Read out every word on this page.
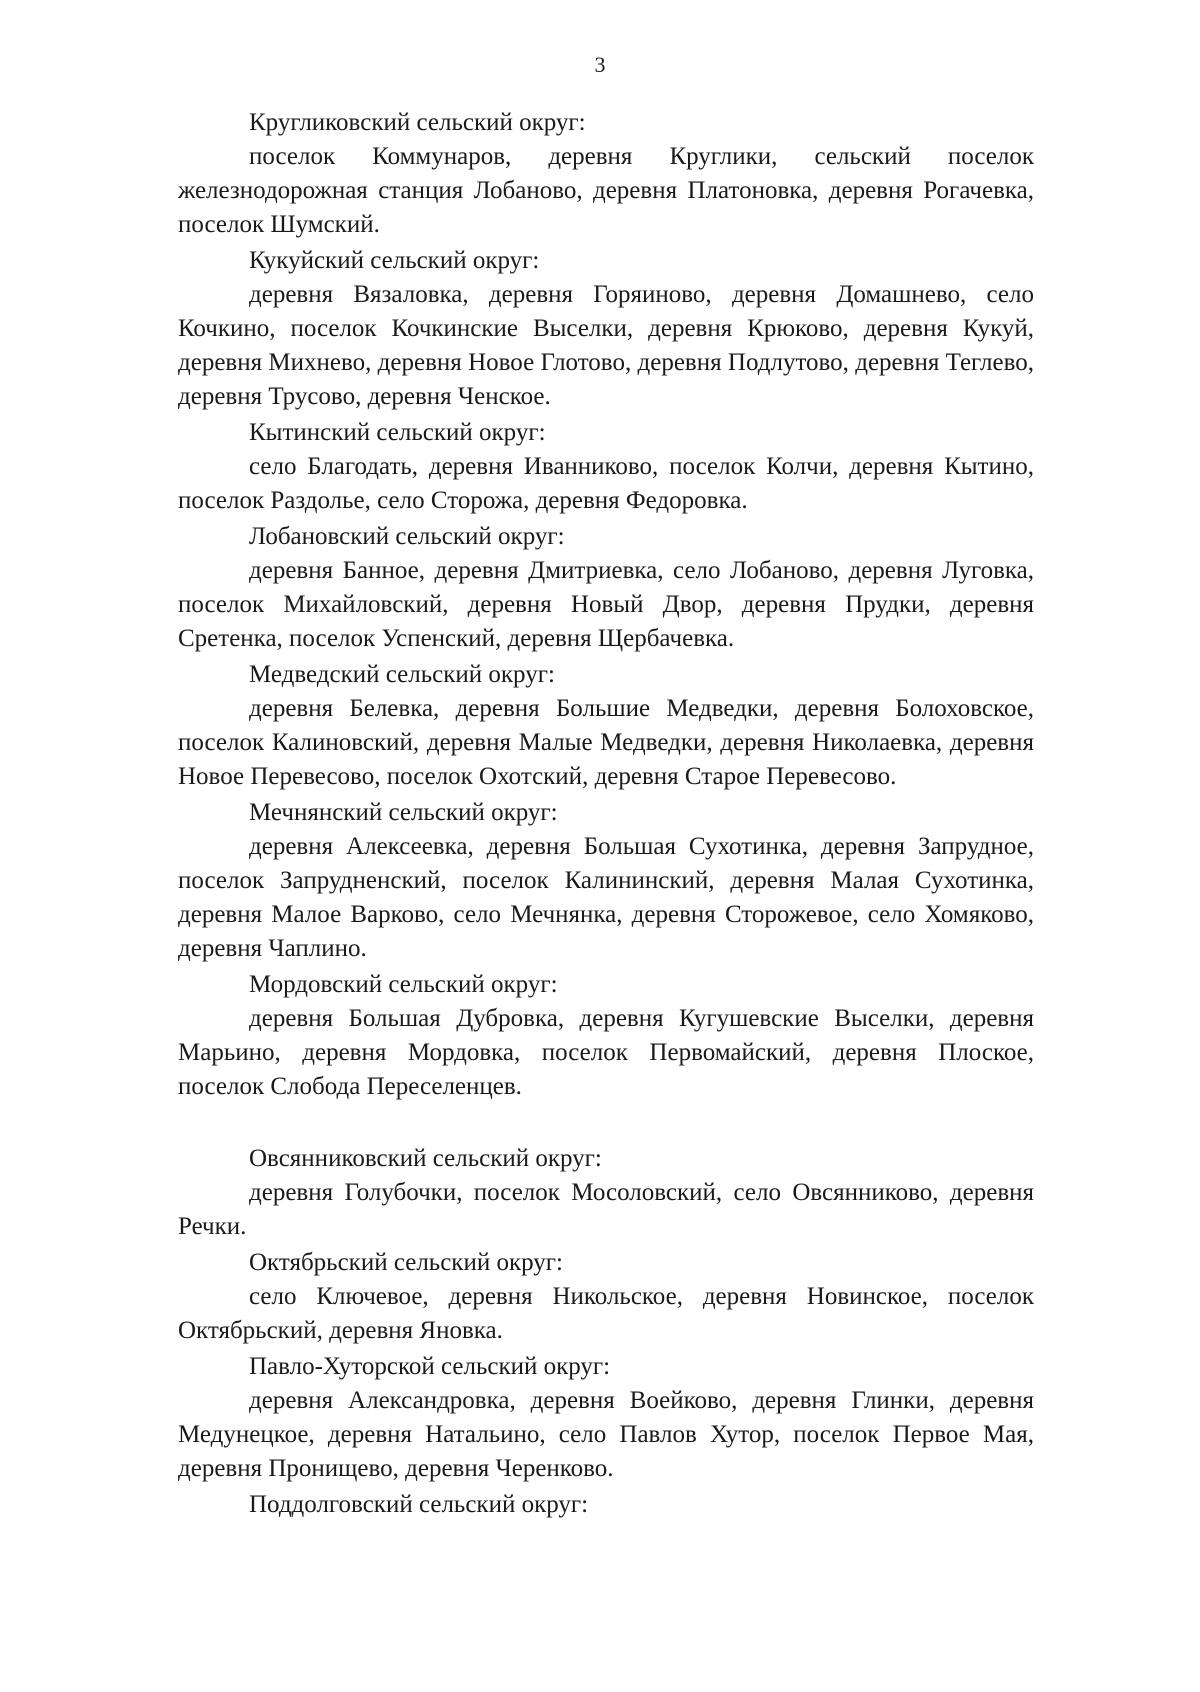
3

Кругликовский сельский округ:

поселок Коммунаров, деревня Круглики, сельский поселок железнодорожная станция Лобаново, деревня Платоновка, деревня Рогачевка, поселок Шумский.

Кукуйский сельский округ:

деревня Вязаловка, деревня Горяиново, деревня Домашнево, село Кочкино, поселок Кочкинские Выселки, деревня Крюково, деревня Кукуй, деревня Михнево, деревня Новое Глотово, деревня Подлутово, деревня Теглево, деревня Трусово, деревня Ченское.

Кытинский сельский округ:

село Благодать, деревня Иванниково, поселок Колчи, деревня Кытино, поселок Раздолье, село Сторожа, деревня Федоровка.

Лобановский сельский округ:

деревня Банное, деревня Дмитриевка, село Лобаново, деревня Луговка, поселок Михайловский, деревня Новый Двор, деревня Прудки, деревня Сретенка, поселок Успенский, деревня Щербачевка.

Медведский сельский округ:

деревня Белевка, деревня Большие Медведки, деревня Болоховское, поселок Калиновский, деревня Малые Медведки, деревня Николаевка, деревня Новое Перевесово, поселок Охотский, деревня Старое Перевесово.

Мечнянский сельский округ:

деревня Алексеевка, деревня Большая Сухотинка, деревня Запрудное, поселок Запрудненский, поселок Калининский, деревня Малая Сухотинка, деревня Малое Варково, село Мечнянка, деревня Сторожевое, село Хомяково, деревня Чаплино.

Мордовский сельский округ:

деревня Большая Дубровка, деревня Кугушевские Выселки, деревня Марьино, деревня Мордовка, поселок Первомайский, деревня Плоское, поселок Слобода Переселенцев.

Овсянниковский сельский округ:

деревня Голубочки, поселок Мосоловский, село Овсянниково, деревня Речки.

Октябрьский сельский округ:

село Ключевое, деревня Никольское, деревня Новинское, поселок Октябрьский, деревня Яновка.

Павло-Хуторской сельский округ:

деревня Александровка, деревня Воейково, деревня Глинки, деревня Медунецкое, деревня Натальино, село Павлов Хутор, поселок Первое Мая, деревня Пронищево, деревня Черенково.

Поддолговский сельский округ:
